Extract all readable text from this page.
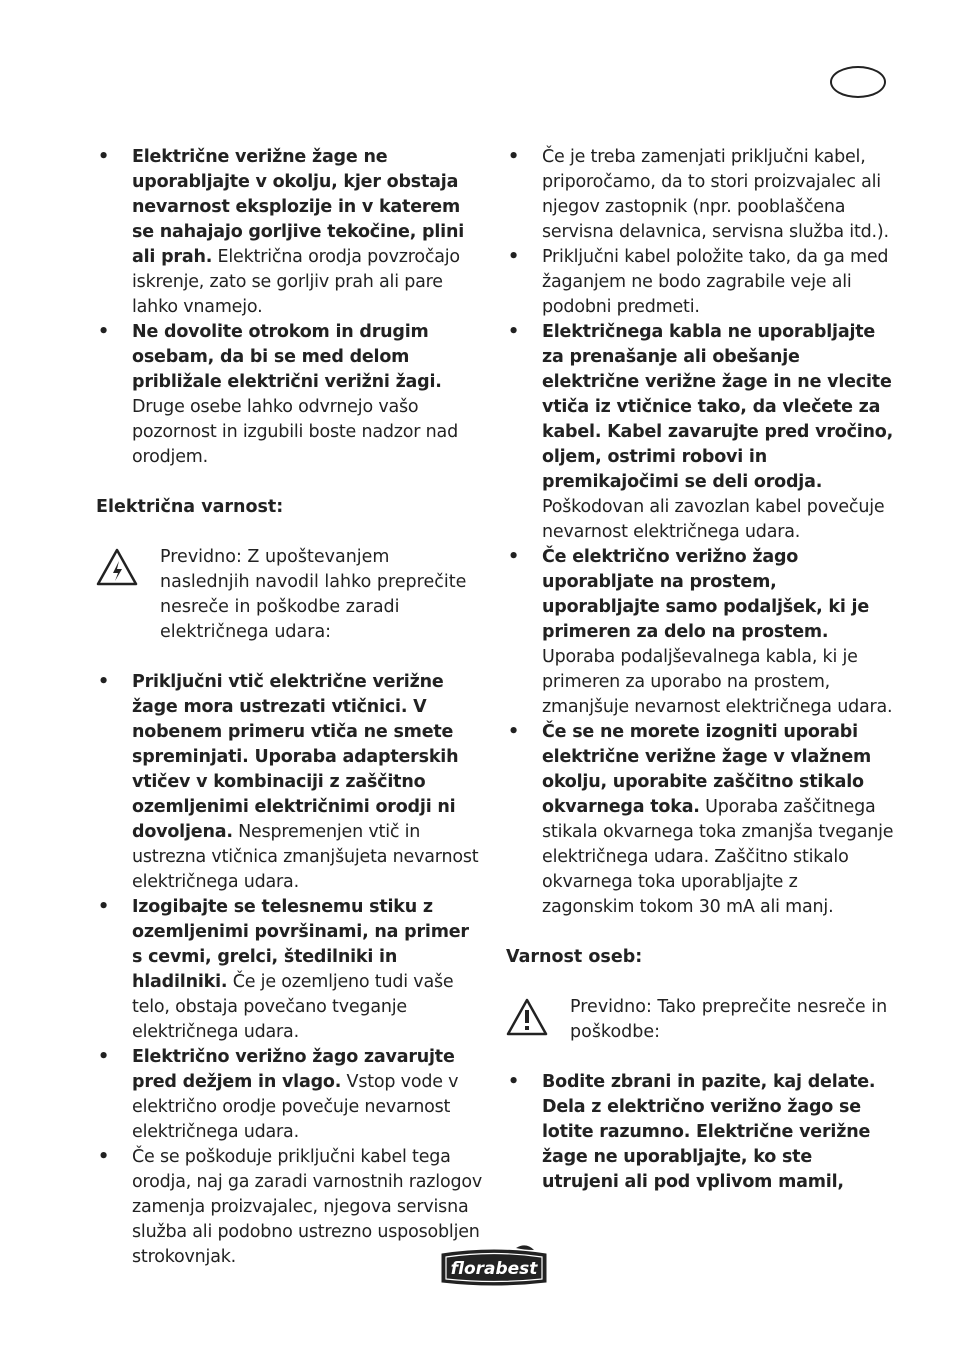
• Električne verižne žage ne uporabljajte v okolju, kjer obstaja nevarnost eksplozije in v katerem se nahajajo gorljive tekočine, plini ali prah. Električna orodja povzročajo iskrenje, zato se gorljiv prah ali pare lahko vnamejo.

• Ne dovolite otrokom in drugim osebam, da bi se med delom približale električni verižni žagi. Druge osebe lahko odvrnejo vašo pozornost in izgubili boste nadzor nad orodjem.

Električna varnost:
Previdno: Z upoštevanjem naslednjih navodil lahko preprečite nesreče in poškodbe zaradi električnega udara:

• Priključni vtič električne verižne žage mora ustrezati vtičnici. V nobenem primeru vtiča ne smete spreminjati. Uporaba adapterskih vtičev v kombinaciji z zaščitno ozemljenimi električnimi orodji ni dovoljena. Nespremenjen vtič in ustrezna vtičnica zmanjšujeta nevarnost električnega udara.

• Izogibajte se telesnemu stiku z ozemljenimi površinami, na primer s cevmi, grelci, štedilniki in hladilniki. Če je ozemljeno tudi vaše telo, obstaja povečano tveganje električnega udara.

• Električno verižno žago zavarujte pred dežjem in vlago. Vstop vode v električno orodje povečuje nevarnost električnega udara.

• Če se poškoduje priključni kabel tega orodja, naj ga zaradi varnostnih razlogov zamenja proizvajalec, njegova servisna služba ali podobno ustrezno usposobljen strokovnjak.

• Če je treba zamenjati priključni kabel, priporočamo, da to stori proizvajalec ali njegov zastopnik (npr. pooblaščena servisna delavnica, servisna služba itd.).

• Priključni kabel položite tako, da ga med žaganjem ne bodo zagrabile veje ali podobni predmeti.

• Električnega kabla ne uporabljajte za prenašanje ali obešanje električne verižne žage in ne vlecite vtiča iz vtičnice tako, da vlečete za kabel. Kabel zavarujte pred vročino, oljem, ostrimi robovi in premikajočimi se deli orodja. Poškodovan ali zavozlan kabel povečuje nevarnost električnega udara.

• Če električno verižno žago uporabljate na prostem, uporabljajte samo podaljšek, ki je primeren za delo na prostem. Uporaba podaljševalnega kabla, ki je primeren za uporabo na prostem, zmanjšuje nevarnost električnega udara.

• Če se ne morete izogniti uporabi električne verižne žage v vlažnem okolju, uporabite zaščitno stikalo okvarnega toka. Uporaba zaščitnega stikala okvarnega toka zmanjša tveganje električnega udara. Zaščitno stikalo okvarnega toka uporabljajte z zagonskim tokom 30 mA ali manj.

Varnost oseb:
Previdno: Tako preprečite nesreče in poškodbe:

• Bodite zbrani in pazite, kaj delate. Dela z električno verižno žago se lotite razumno. Električne verižne žage ne uporabljajte, ko ste utrujeni ali pod vplivom mamil,

florabest
